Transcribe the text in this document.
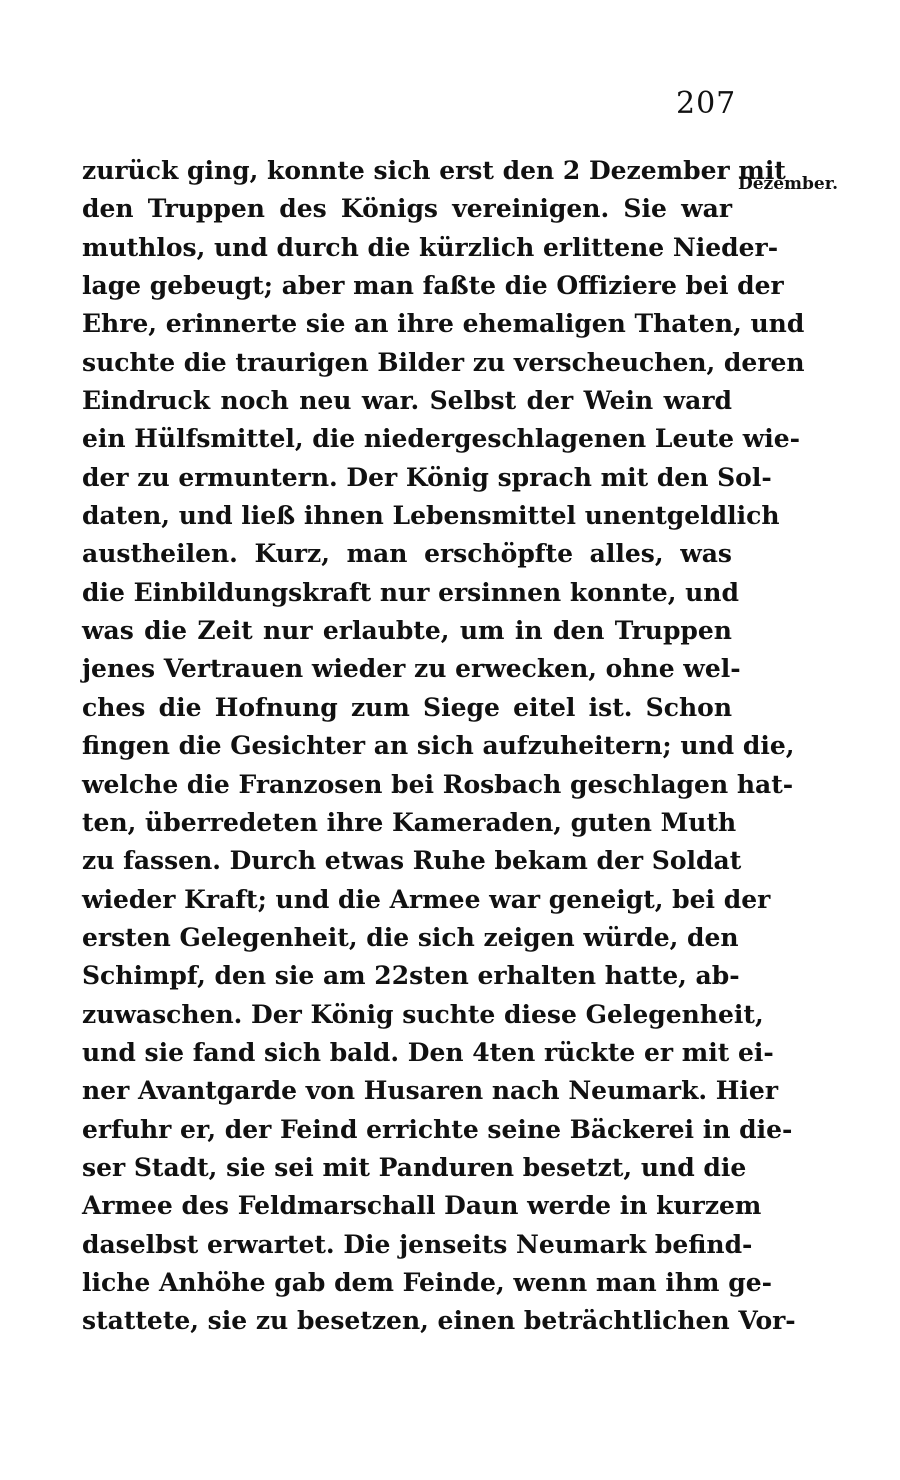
207
Dezember.
zurück ging, konnte sich erst den 2 Dezember mit
den Truppen des Königs vereinigen. Sie war
muthlos, und durch die kürzlich erlittene Nieder-
lage gebeugt; aber man faßte die Offiziere bei der
Ehre, erinnerte sie an ihre ehemaligen Thaten, und
suchte die traurigen Bilder zu verscheuchen, deren
Eindruck noch neu war. Selbst der Wein ward
ein Hülfsmittel, die niedergeschlagenen Leute wie-
der zu ermuntern. Der König sprach mit den Sol-
daten, und ließ ihnen Lebensmittel unentgeldlich
austheilen. Kurz, man erschöpfte alles, was
die Einbildungskraft nur ersinnen konnte, und
was die Zeit nur erlaubte, um in den Truppen
jenes Vertrauen wieder zu erwecken, ohne wel-
ches die Hofnung zum Siege eitel ist. Schon
fingen die Gesichter an sich aufzuheitern; und die,
welche die Franzosen bei Rosbach geschlagen hat-
ten, überredeten ihre Kameraden, guten Muth
zu fassen. Durch etwas Ruhe bekam der Soldat
wieder Kraft; und die Armee war geneigt, bei der
ersten Gelegenheit, die sich zeigen würde, den
Schimpf, den sie am 22sten erhalten hatte, ab-
zuwaschen. Der König suchte diese Gelegenheit,
und sie fand sich bald. Den 4ten rückte er mit ei-
ner Avantgarde von Husaren nach Neumark. Hier
erfuhr er, der Feind errichte seine Bäckerei in die-
ser Stadt, sie sei mit Panduren besetzt, und die
Armee des Feldmarschall Daun werde in kurzem
daselbst erwartet. Die jenseits Neumark befind-
liche Anhöhe gab dem Feinde, wenn man ihm ge-
stattete, sie zu besetzen, einen beträchtlichen Vor-
